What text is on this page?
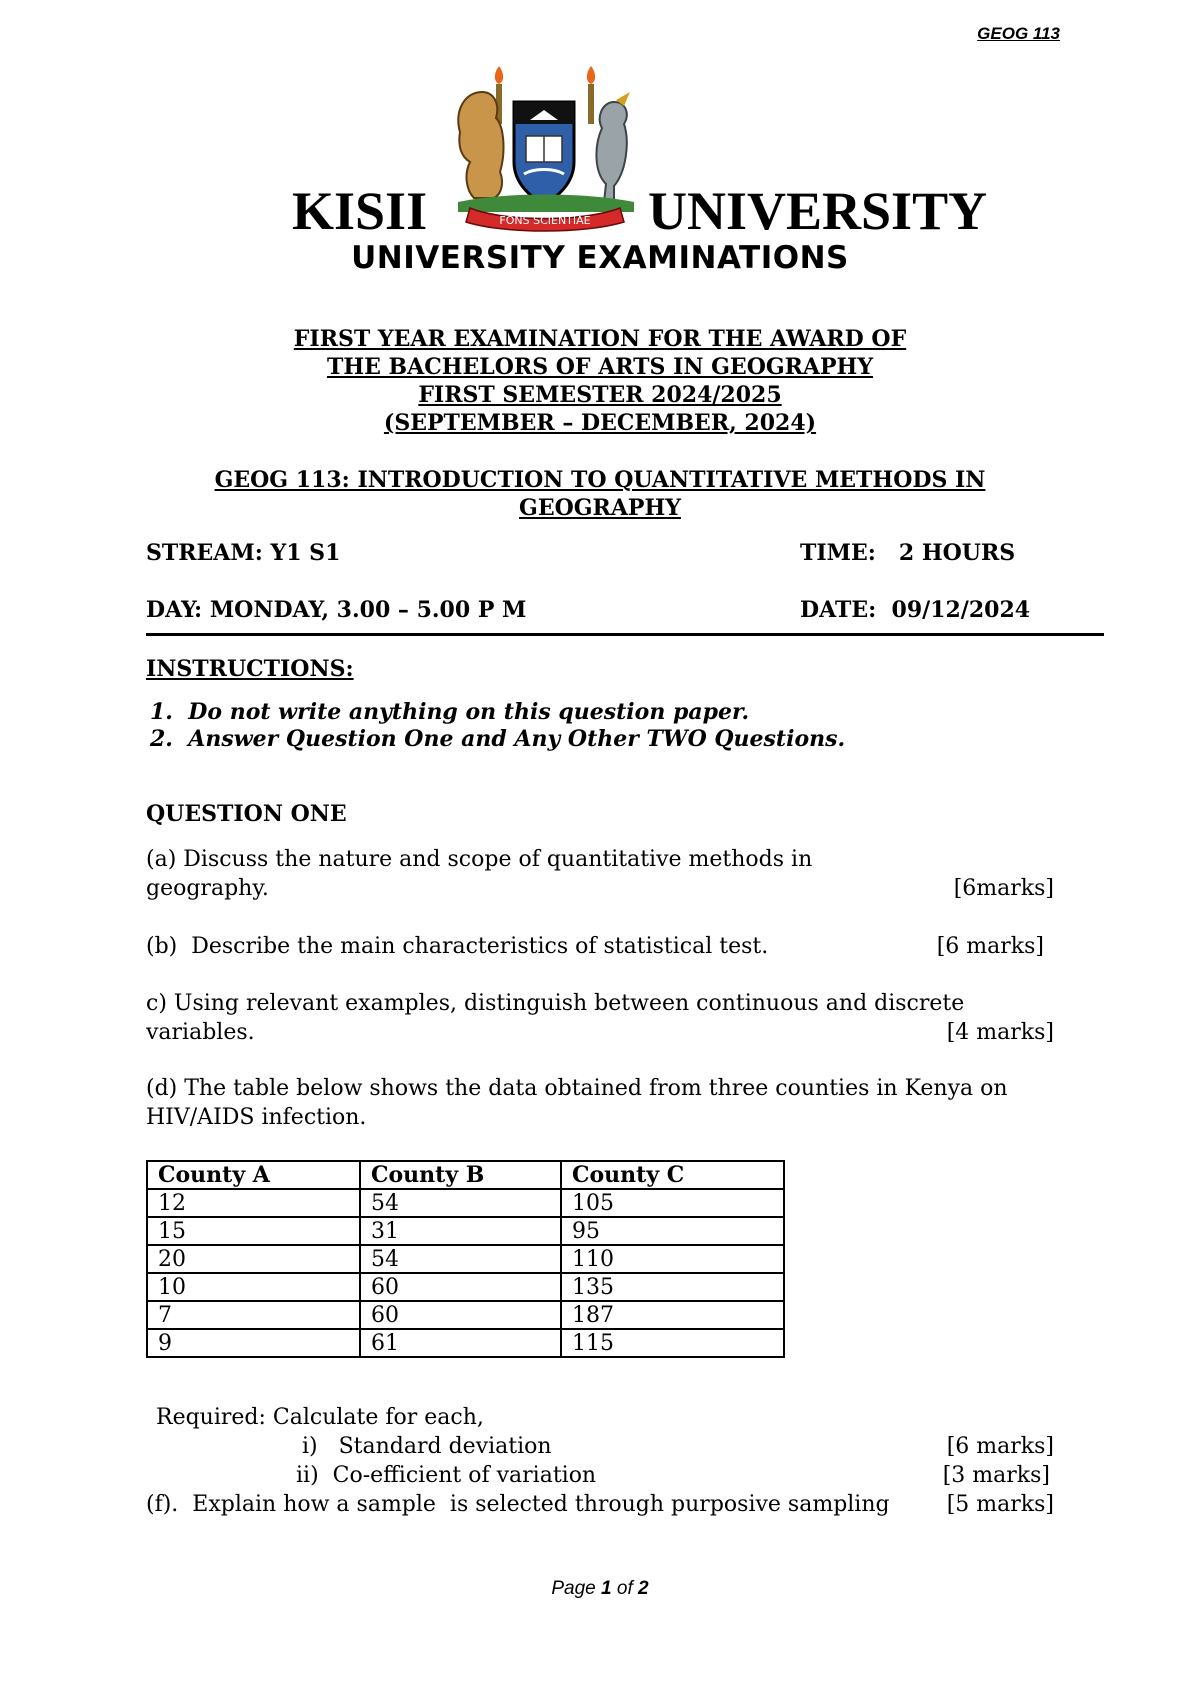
GEOG 113
FONS SCIENTIAE
KISII	UNIVERSITY
UNIVERSITY EXAMINATIONS
FIRST YEAR EXAMINATION FOR THE AWARD OF
THE BACHELORS OF ARTS IN GEOGRAPHY
FIRST SEMESTER 2024/2025
(SEPTEMBER – DECEMBER, 2024)
GEOG 113: INTRODUCTION TO QUANTITATIVE METHODS IN
GEOGRAPHY
STREAM: Y1 S1	TIME:   2 HOURS
DAY: MONDAY, 3.00 – 5.00 P M	DATE:  09/12/2024
INSTRUCTIONS:
1.  Do not write anything on this question paper.
2.  Answer Question One and Any Other TWO Questions.
QUESTION ONE
(a) Discuss the nature and scope of quantitative methods in
geography.	[6marks]
(b)  Describe the main characteristics of statistical test.	[6 marks]
c) Using relevant examples, distinguish between continuous and discrete
variables.	[4 marks]
(d) The table below shows the data obtained from three counties in Kenya on
HIV/AIDS infection.
County A	County B	County C
12	54	105
15	31	95
20	54	110
10	60	135
7	60	187
9	61	115
Required: Calculate for each,
i)   Standard deviation	[6 marks]
ii)  Co-efficient of variation	[3 marks]
(f).  Explain how a sample  is selected through purposive sampling	[5 marks]
Page 1 of 2
